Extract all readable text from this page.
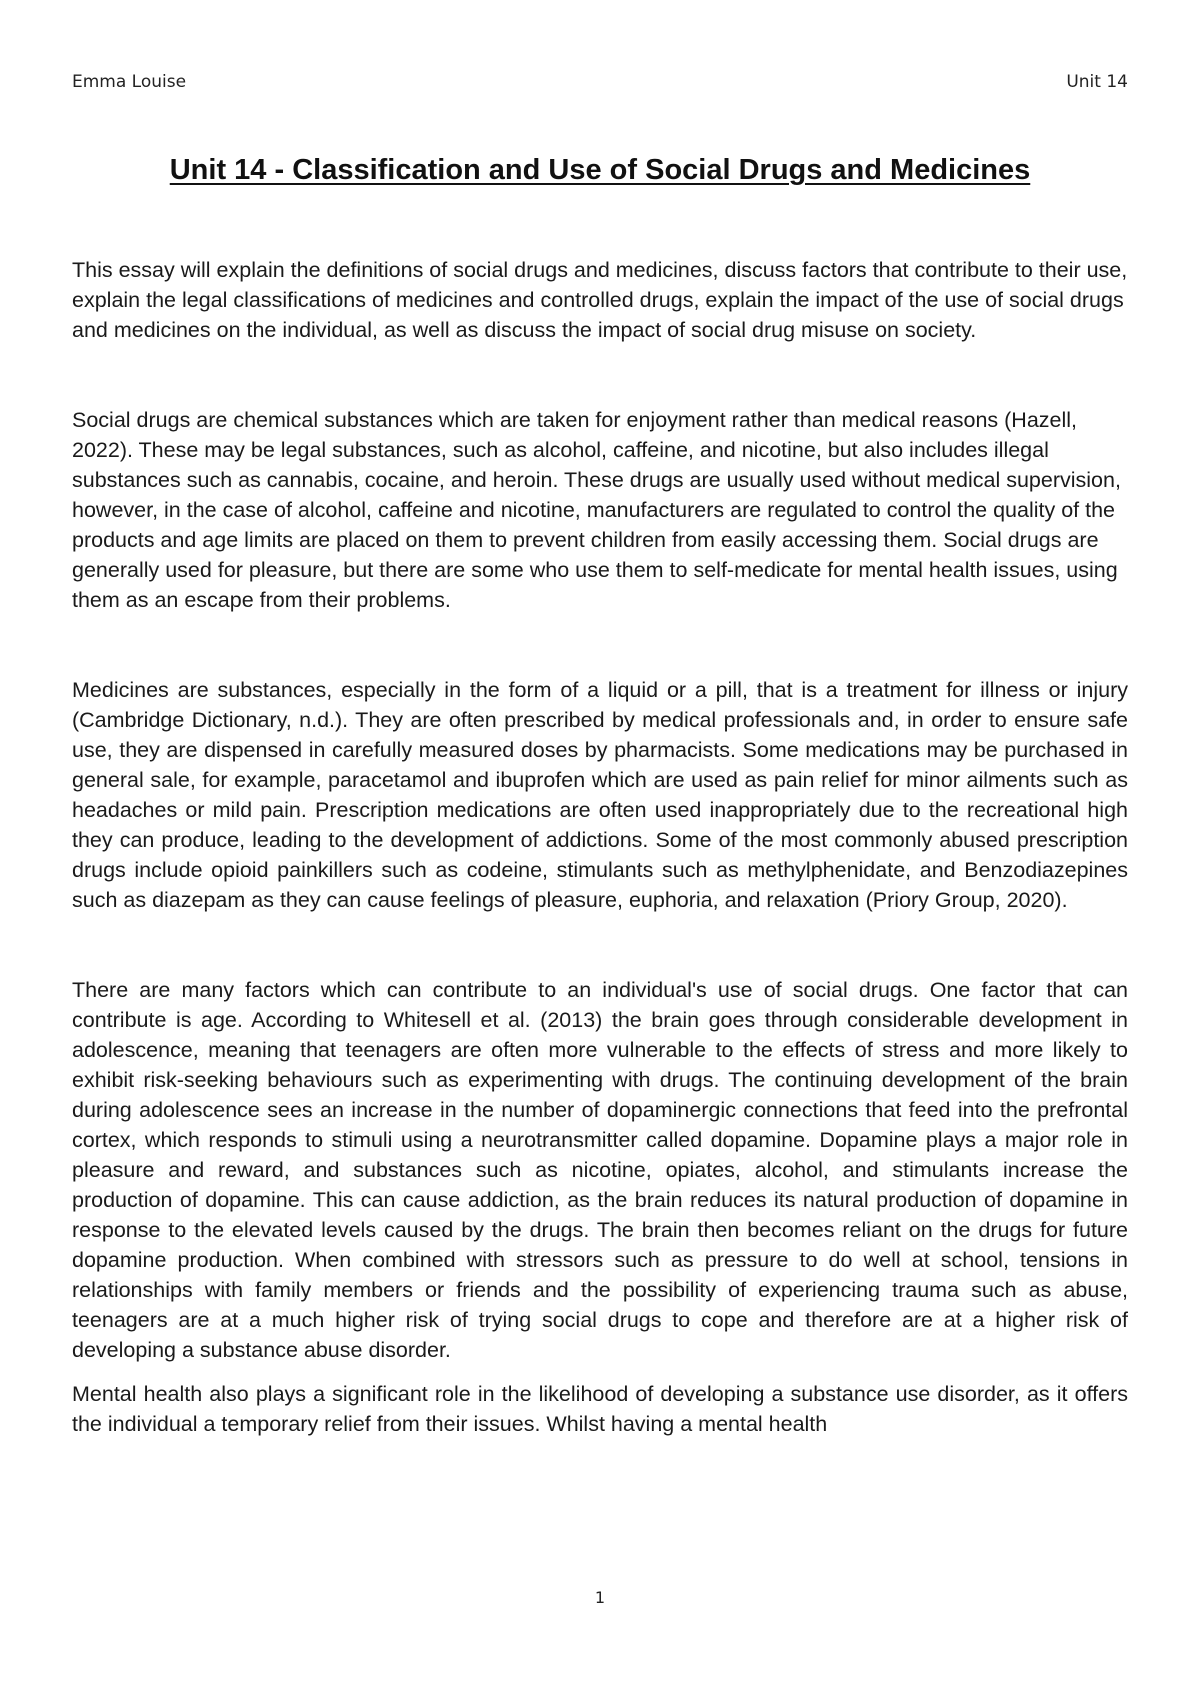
Emma Louise	Unit 14
Unit 14 - Classification and Use of Social Drugs and Medicines

This essay will explain the definitions of social drugs and medicines, discuss factors that contribute to their use, explain the legal classifications of medicines and controlled drugs, explain the impact of the use of social drugs and medicines on the individual, as well as discuss the impact of social drug misuse on society.

Social drugs are chemical substances which are taken for enjoyment rather than medical reasons (Hazell, 2022). These may be legal substances, such as alcohol, caffeine, and nicotine, but also includes illegal substances such as cannabis, cocaine, and heroin. These drugs are usually used without medical supervision, however, in the case of alcohol, caffeine and nicotine, manufacturers are regulated to control the quality of the products and age limits are placed on them to prevent children from easily accessing them. Social drugs are generally used for pleasure, but there are some who use them to self-medicate for mental health issues, using them as an escape from their problems.

Medicines are substances, especially in the form of a liquid or a pill, that is a treatment for illness or injury (Cambridge Dictionary, n.d.). They are often prescribed by medical professionals and, in order to ensure safe use, they are dispensed in carefully measured doses by pharmacists. Some medications may be purchased in general sale, for example, paracetamol and ibuprofen which are used as pain relief for minor ailments such as headaches or mild pain. Prescription medications are often used inappropriately due to the recreational high they can produce, leading to the development of addictions. Some of the most commonly abused prescription drugs include opioid painkillers such as codeine, stimulants such as methylphenidate, and Benzodiazepines such as diazepam as they can cause feelings of pleasure, euphoria, and relaxation (Priory Group, 2020).

There are many factors which can contribute to an individual's use of social drugs. One factor that can contribute is age. According to Whitesell et al. (2013) the brain goes through considerable development in adolescence, meaning that teenagers are often more vulnerable to the effects of stress and more likely to exhibit risk-seeking behaviours such as experimenting with drugs. The continuing development of the brain during adolescence sees an increase in the number of dopaminergic connections that feed into the prefrontal cortex, which responds to stimuli using a neurotransmitter called dopamine. Dopamine plays a major role in pleasure and reward, and substances such as nicotine, opiates, alcohol, and stimulants increase the production of dopamine. This can cause addiction, as the brain reduces its natural production of dopamine in response to the elevated levels caused by the drugs. The brain then becomes reliant on the drugs for future dopamine production. When combined with stressors such as pressure to do well at school, tensions in relationships with family members or friends and the possibility of experiencing trauma such as abuse, teenagers are at a much higher risk of trying social drugs to cope and therefore are at a higher risk of developing a substance abuse disorder.

Mental health also plays a significant role in the likelihood of developing a substance use disorder, as it offers the individual a temporary relief from their issues. Whilst having a mental health

1
